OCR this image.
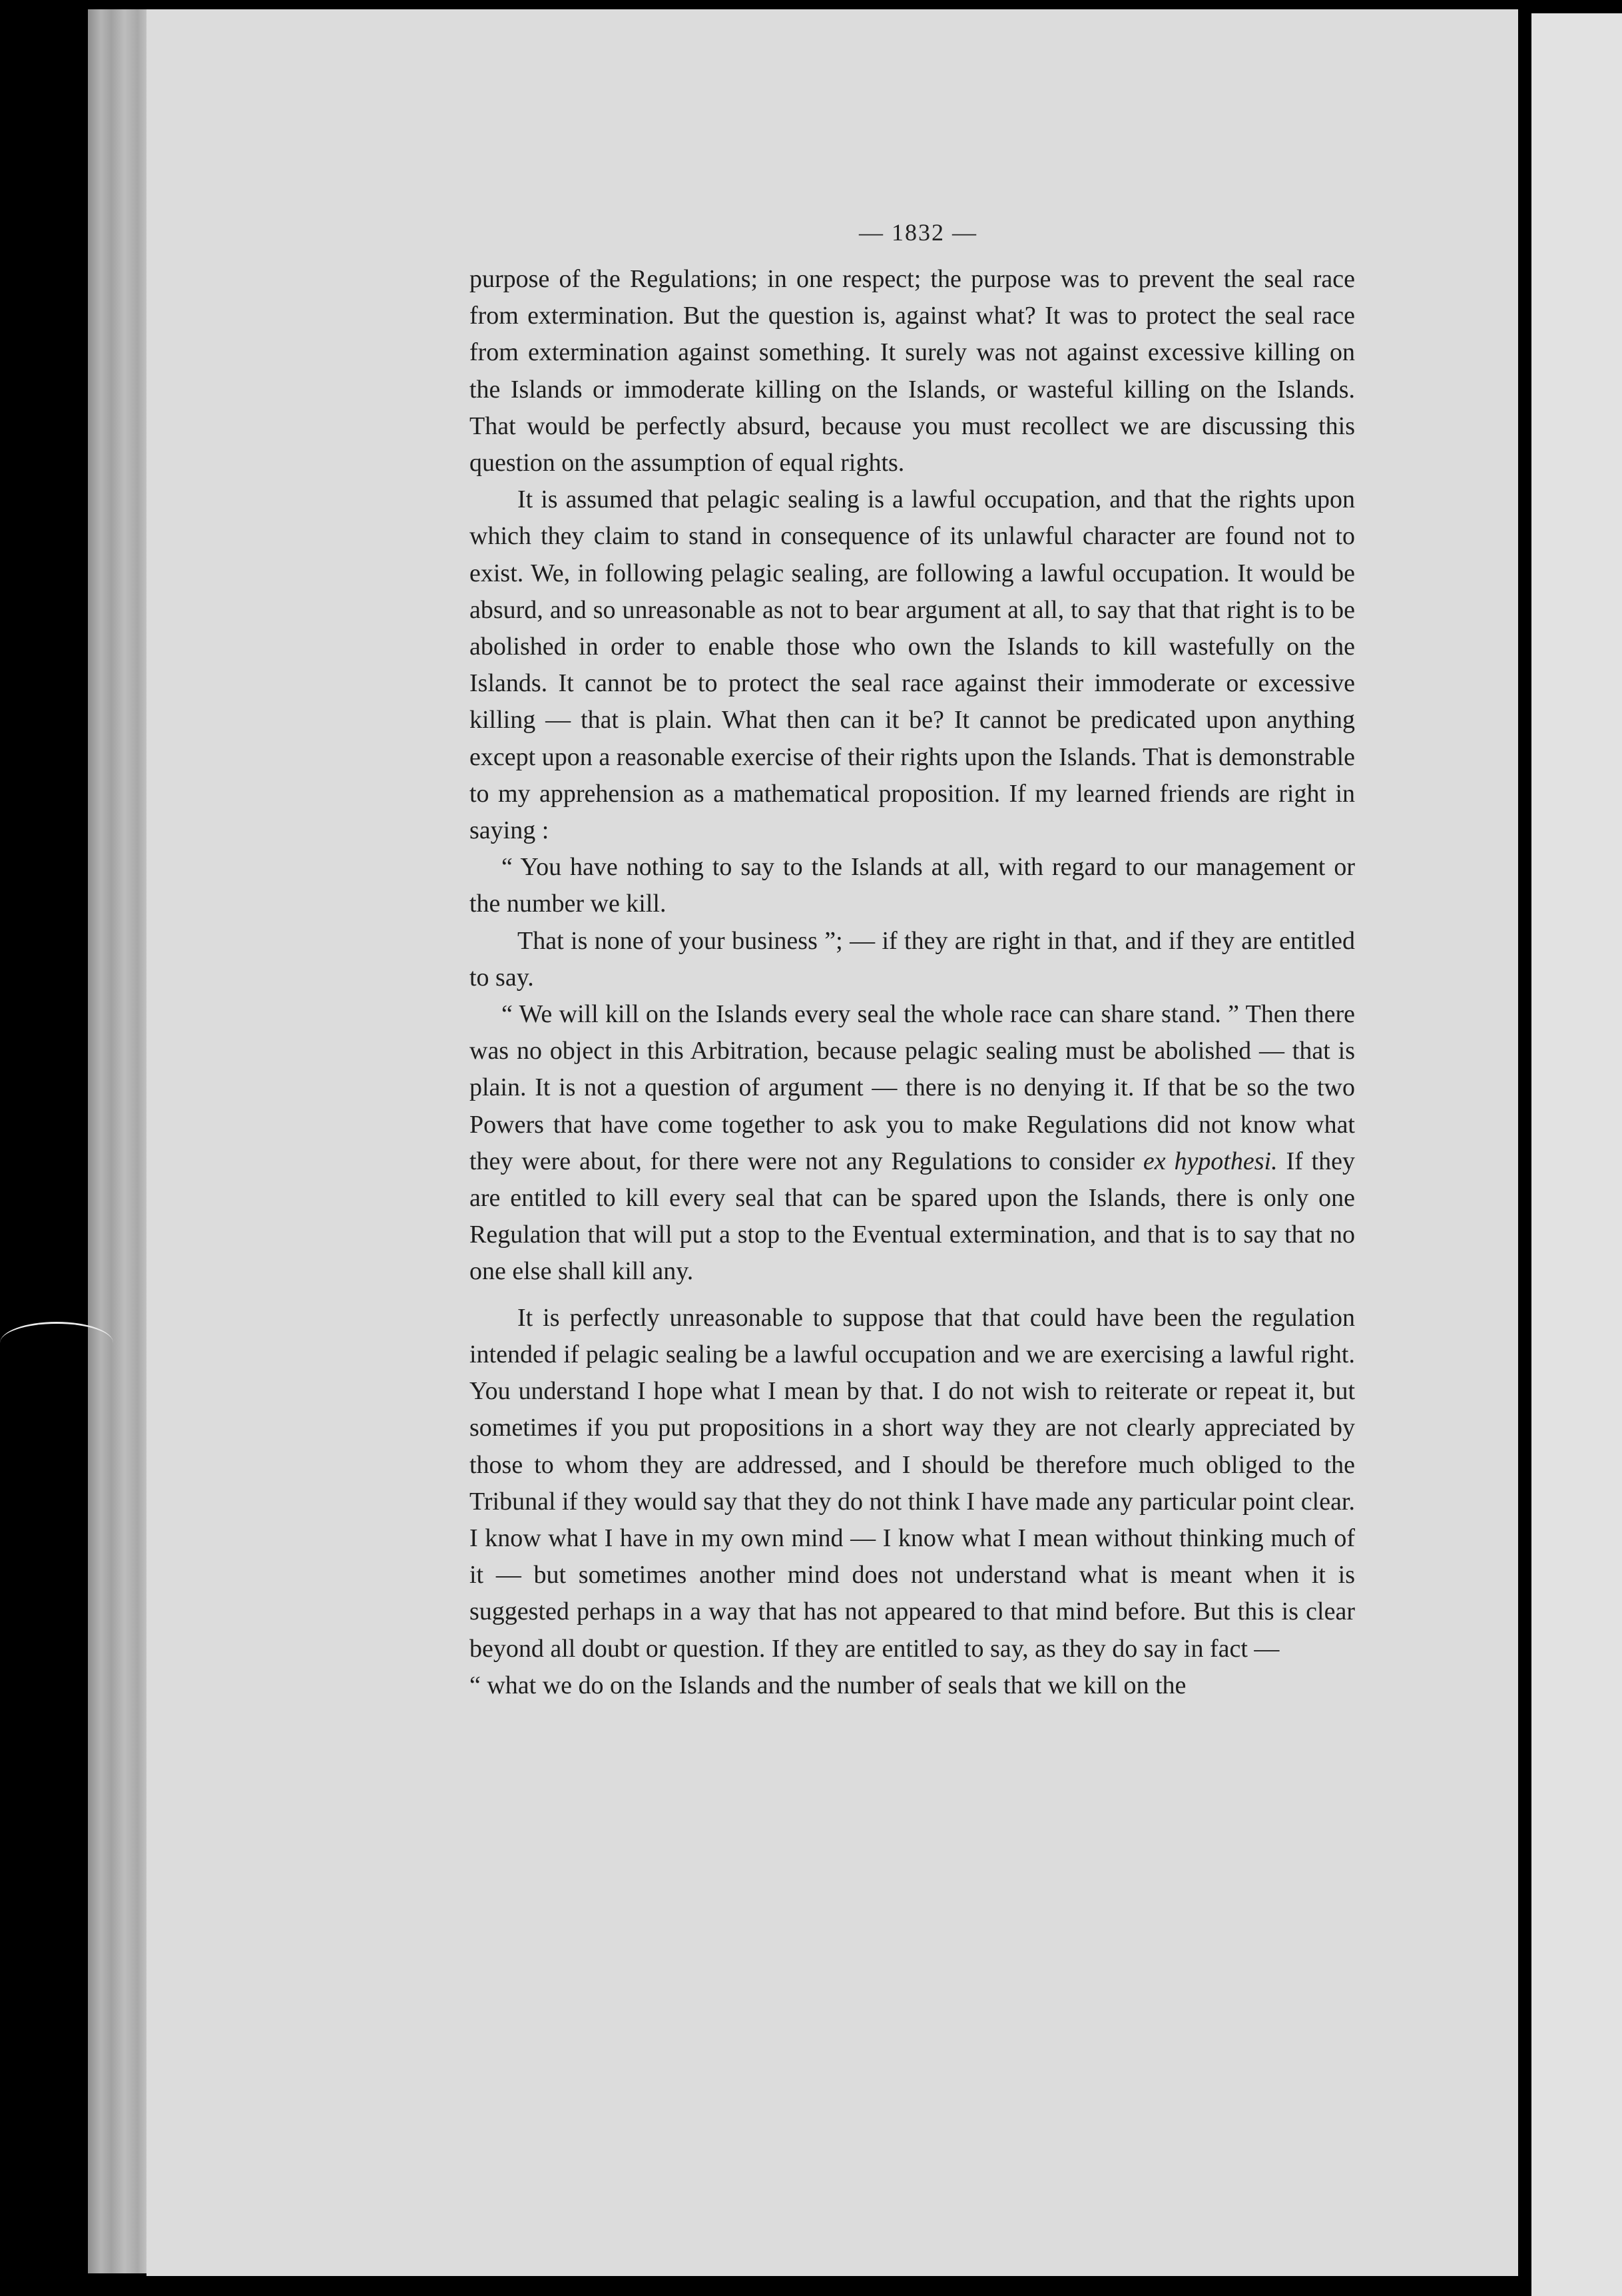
— 1832 —

purpose of the Regulations; in one respect; the purpose was to prevent the seal race from extermination. But the question is, against what? It was to protect the seal race from extermination against something. It surely was not against excessive killing on the Islands or immoderate killing on the Islands, or wasteful killing on the Islands. That would be perfectly absurd, because you must recollect we are discussing this question on the assumption of equal rights.

It is assumed that pelagic sealing is a lawful occupation, and that the rights upon which they claim to stand in consequence of its unlawful character are found not to exist. We, in following pelagic sealing, are following a lawful occupation. It would be absurd, and so unreasonable as not to bear argument at all, to say that that right is to be abolished in order to enable those who own the Islands to kill wastefully on the Islands. It cannot be to protect the seal race against their immoderate or excessive killing — that is plain. What then can it be? It cannot be predicated upon anything except upon a reasonable exercise of their rights upon the Islands. That is demonstrable to my apprehension as a mathematical proposition. If my learned friends are right in saying :

“ You have nothing to say to the Islands at all, with regard to our management or the number we kill.

That is none of your business ”; — if they are right in that, and if they are entitled to say.

“ We will kill on the Islands every seal the whole race can share stand. ” Then there was no object in this Arbitration, because pelagic sealing must be abolished — that is plain. It is not a question of argument — there is no denying it. If that be so the two Powers that have come together to ask you to make Regulations did not know what they were about, for there were not any Regulations to consider ex hypothesi. If they are entitled to kill every seal that can be spared upon the Islands, there is only one Regulation that will put a stop to the Eventual extermination, and that is to say that no one else shall kill any.

It is perfectly unreasonable to suppose that that could have been the regulation intended if pelagic sealing be a lawful occupation and we are exercising a lawful right. You understand I hope what I mean by that. I do not wish to reiterate or repeat it, but sometimes if you put propositions in a short way they are not clearly appreciated by those to whom they are addressed, and I should be therefore much obliged to the Tribunal if they would say that they do not think I have made any particular point clear. I know what I have in my own mind — I know what I mean without thinking much of it — but sometimes another mind does not understand what is meant when it is suggested perhaps in a way that has not appeared to that mind before. But this is clear beyond all doubt or question. If they are entitled to say, as they do say in fact —

“ what we do on the Islands and the number of seals that we kill on the
